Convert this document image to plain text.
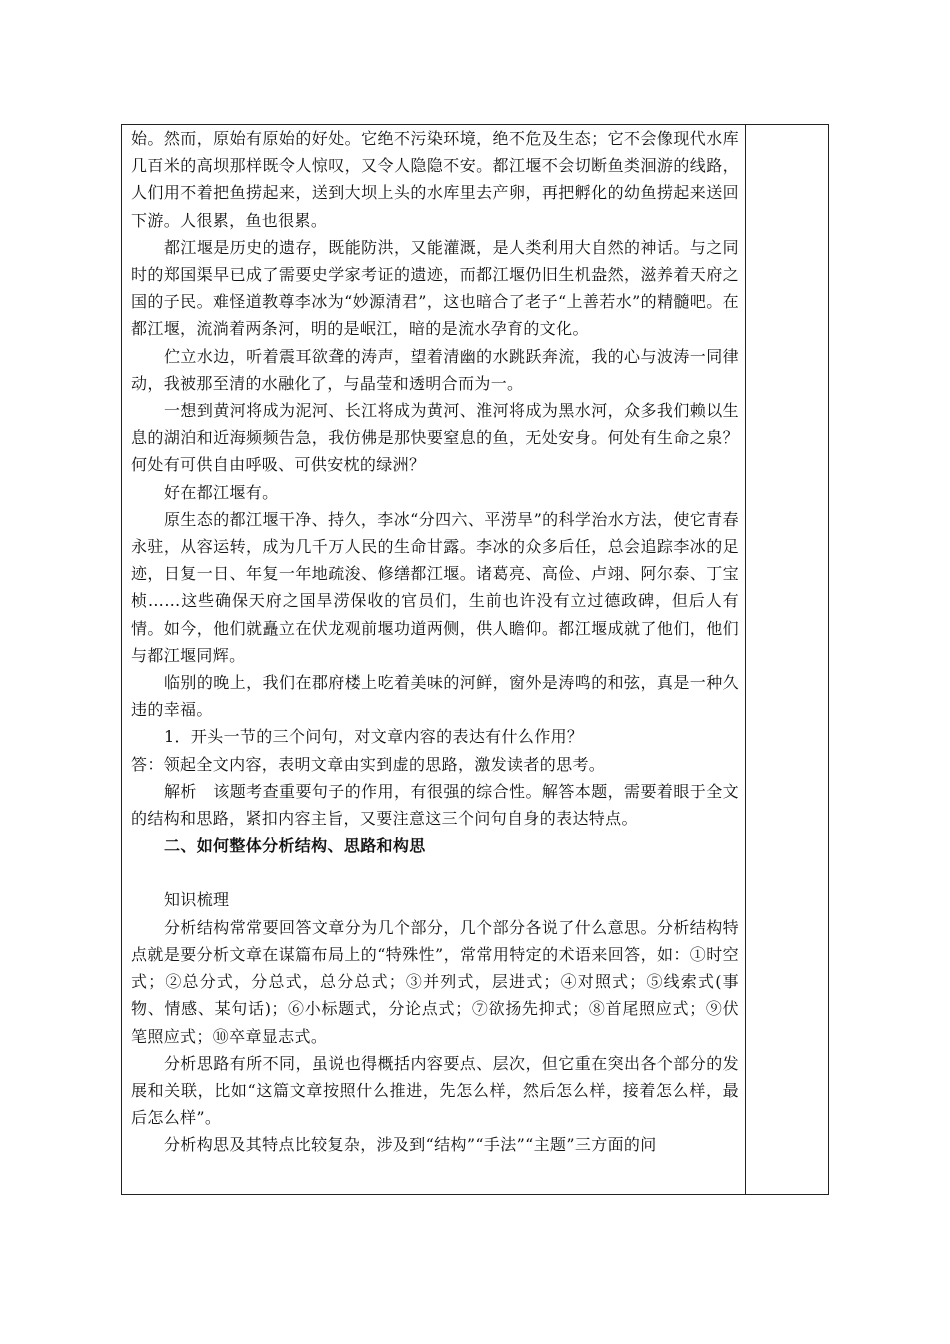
始。然而，原始有原始的好处。它绝不污染环境，绝不危及生态；它不会像现代水库几百米的高坝那样既令人惊叹，又令人隐隐不安。都江堰不会切断鱼类洄游的线路，人们用不着把鱼捞起来，送到大坝上头的水库里去产卵，再把孵化的幼鱼捞起来送回下游。人很累，鱼也很累。

都江堰是历史的遗存，既能防洪，又能灌溉，是人类利用大自然的神话。与之同时的郑国渠早已成了需要史学家考证的遗迹，而都江堰仍旧生机盎然，滋养着天府之国的子民。难怪道教尊李冰为“妙源清君”，这也暗合了老子“上善若水”的精髓吧。在都江堰，流淌着两条河，明的是岷江，暗的是流水孕育的文化。

伫立水边，听着震耳欲聋的涛声，望着清幽的水跳跃奔流，我的心与波涛一同律动，我被那至清的水融化了，与晶莹和透明合而为一。

一想到黄河将成为泥河、长江将成为黄河、淮河将成为黑水河，众多我们赖以生息的湖泊和近海频频告急，我仿佛是那快要窒息的鱼，无处安身。何处有生命之泉？何处有可供自由呼吸、可供安枕的绿洲？

好在都江堰有。

原生态的都江堰干净、持久，李冰“分四六、平涝旱”的科学治水方法，使它青春永驻，从容运转，成为几千万人民的生命甘露。李冰的众多后任，总会追踪李冰的足迹，日复一日、年复一年地疏浚、修缮都江堰。诸葛亮、高俭、卢翊、阿尔泰、丁宝桢……这些确保天府之国旱涝保收的官员们，生前也许没有立过德政碑，但后人有情。如今，他们就矗立在伏龙观前堰功道两侧，供人瞻仰。都江堰成就了他们，他们与都江堰同辉。

临别的晚上，我们在郡府楼上吃着美味的河鲜，窗外是涛鸣的和弦，真是一种久违的幸福。

1．开头一节的三个问句，对文章内容的表达有什么作用？

答：领起全文内容，表明文章由实到虚的思路，激发读者的思考。

解析　该题考查重要句子的作用，有很强的综合性。解答本题，需要着眼于全文的结构和思路，紧扣内容主旨，又要注意这三个问句自身的表达特点。

二、如何整体分析结构、思路和构思

知识梳理

分析结构常常要回答文章分为几个部分，几个部分各说了什么意思。分析结构特点就是要分析文章在谋篇布局上的“特殊性”，常常用特定的术语来回答，如：①时空式；②总分式，分总式，总分总式；③并列式，层进式；④对照式；⑤线索式(事物、情感、某句话)；⑥小标题式，分论点式；⑦欲扬先抑式；⑧首尾照应式；⑨伏笔照应式；⑩卒章显志式。

分析思路有所不同，虽说也得概括内容要点、层次，但它重在突出各个部分的发展和关联，比如“这篇文章按照什么推进，先怎么样，然后怎么样，接着怎么样，最后怎么样”。

分析构思及其特点比较复杂，涉及到“结构”“手法”“主题”三方面的问
